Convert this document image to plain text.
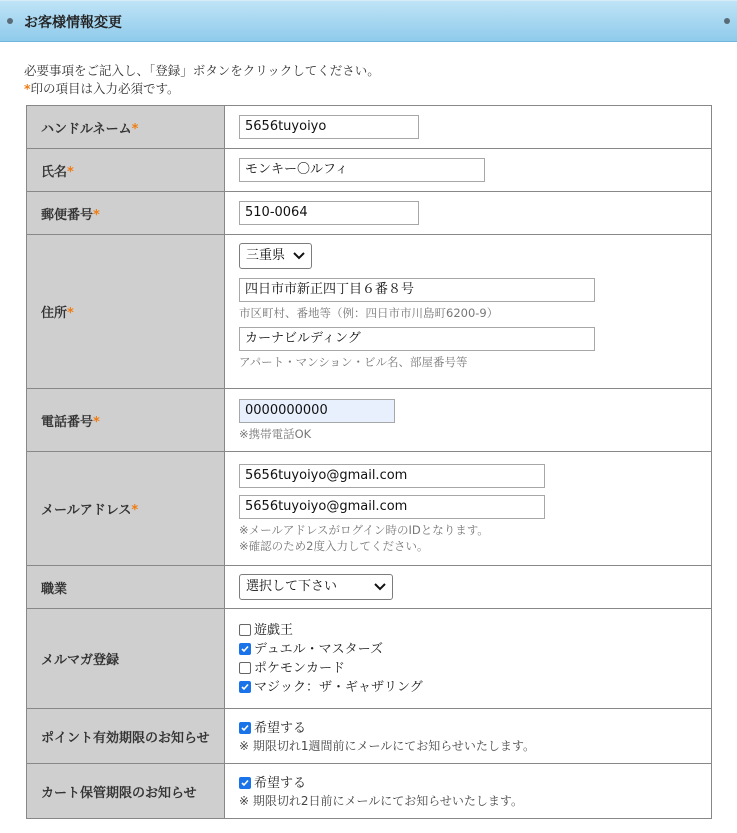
お客様情報変更
必要事項をご記入し、「登録」ボタンをクリックしてください。
*印の項目は入力必須です。
ハンドルネーム*	5656tuyoiyo

氏名*	モンキー〇ルフィ

郵便番号*	510-0064

住所*	三重県
四日市市新正四丁目６番８号
市区町村、番地等（例：四日市市川島町6200-9）
カーナビルディング
アパート・マンション・ビル名、部屋番号等

電話番号*	0000000000
※携帯電話OK

メールアドレス*	5656tuyoiyo@gmail.com
5656tuyoiyo@gmail.com
※メールアドレスがログイン時のIDとなります。
※確認のため2度入力してください。

職業	選択して下さい

メルマガ登録	遊戯王
デュエル・マスターズ
ポケモンカード
マジック：ザ・ギャザリング

ポイント有効期限のお知らせ	希望する
※ 期限切れ1週間前にメールにてお知らせいたします。

カート保管期限のお知らせ	希望する
※ 期限切れ2日前にメールにてお知らせいたします。
